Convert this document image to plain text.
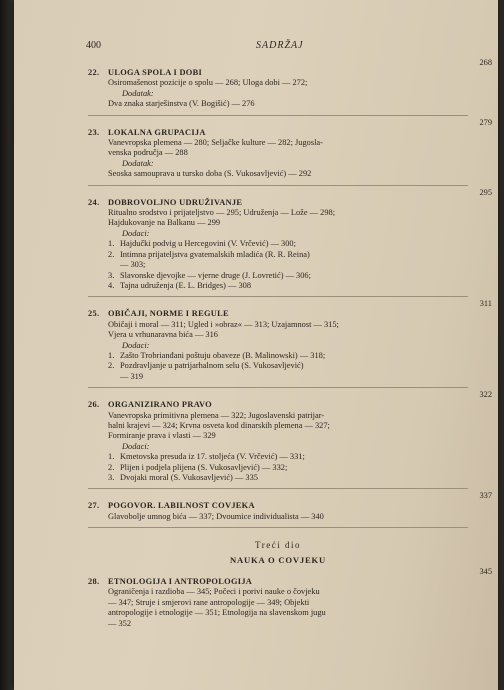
400	SADRŽAJ
22. ULOGA SPOLA I DOBI
268
Osiromašenost pozicije o spolu — 268; Uloga dobi — 272;
Dodatak:
Dva znaka starješinstva (V. Bogišić) — 276
23. LOKALNA GRUPACIJA
279
Vanevropska plemena — 280; Seljačke kulture — 282; Jugosla-
venska područja — 288
Dodatak:
Seoska samouprava u tursko doba (S. Vukosavljević) — 292
24. DOBROVOLJNO UDRUŽIVANJE
295
Ritualno srodstvo i prijateljstvo — 295; Udruženja — Lože — 298;
Hajdukovanje na Balkanu — 299
Dodaci:
1. Hajdučki podvig u Hercegovini (V. Vrčević) — 300;
2. Intimna prijateljstva gvatemalskih mladića (R. R. Reina)
— 303;
3. Slavonske djevojke — vjerne druge (J. Lovretić) — 306;
4. Tajna udruženja (E. L. Bridges) — 308
25. OBIČAJI, NORME I REGULE
311
Običaji i moral — 311; Ugled i »obraz« — 313; Uzajamnost — 315;
Vjera u vrhunaravna bića — 316
Dodaci:
1. Zašto Trobrianđani poštuju obaveze (B. Malinowski) — 318;
2. Pozdravljanje u patrijarhalnom selu (S. Vukosavljević)
— 319
26. ORGANIZIRANO PRAVO
322
Vanevropska primitivna plemena — 322; Jugoslavenski patrijar-
halni krajevi — 324; Krvna osveta kod dinarskih plemena — 327;
Formiranje prava i vlasti — 329
Dodaci:
1. Kmetovska presuda iz 17. stoljeća (V. Vrčević) — 331;
2. Plijen i podjela plijena (S. Vukosavljević) — 332;
3. Dvojaki moral (S. Vukosavljević) — 335
27. POGOVOR. LABILNOST COVJEKA
337
Glavobolje umnog bića — 337; Dvoumice individualista — 340
Treći dio
NAUKA O COVJEKU
28. ETNOLOGIJA I ANTROPOLOGIJA
345
Ograničenja i razdioba — 345; Počeci i porivi nauke o čovjeku
— 347; Struje i smjerovi rane antropologije — 349; Objekti
antropologije i etnologije — 351; Etnologija na slavenskom jugu
— 352
